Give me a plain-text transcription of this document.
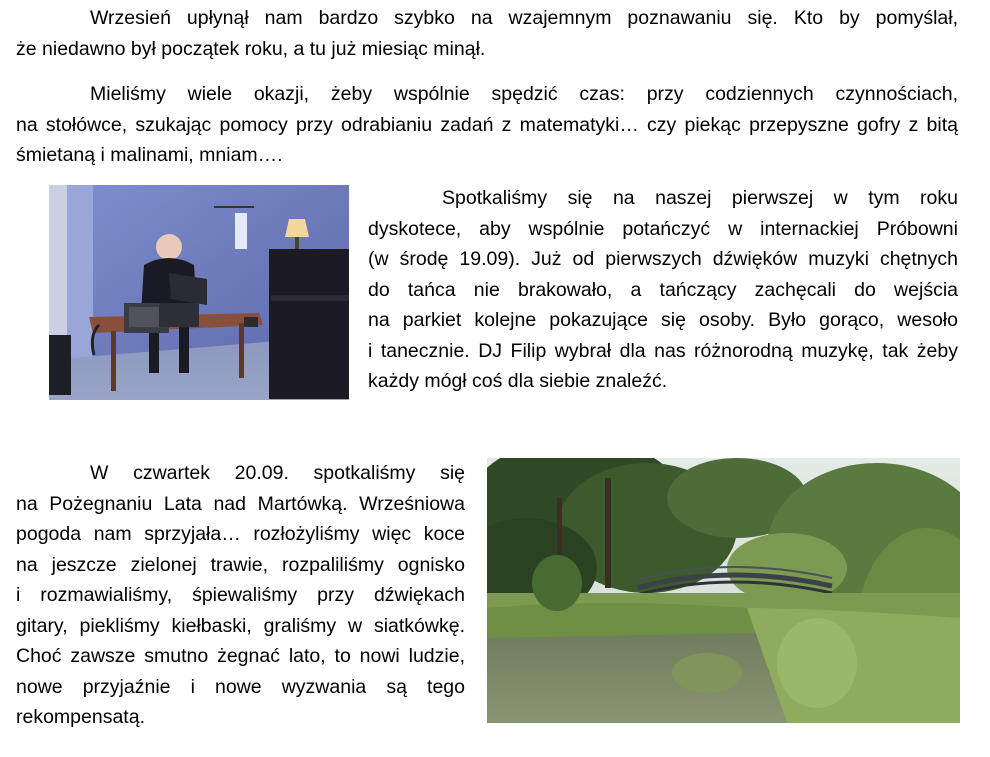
Wrzesień upłynął nam bardzo szybko na wzajemnym poznawaniu się. Kto by pomyślał,
że niedawno był początek roku, a tu już miesiąc minął.
Mieliśmy wiele okazji, żeby wspólnie spędzić czas: przy codziennych czynnościach,
na stołówce, szukając pomocy przy odrabianiu zadań z matematyki… czy piekąc przepyszne gofry z bitą
śmietaną i malinami, mniam….
Spotkaliśmy się na naszej pierwszej w tym roku
dyskotece, aby wspólnie potańczyć w internackiej Próbowni
(w środę 19.09). Już od pierwszych dźwięków muzyki chętnych
do tańca nie brakowało, a tańczący zachęcali do wejścia
na parkiet kolejne pokazujące się osoby. Było gorąco, wesoło
i tanecznie. DJ Filip wybrał dla nas różnorodną muzykę, tak żeby
każdy mógł coś dla siebie znaleźć.
W czwartek 20.09. spotkaliśmy się
na Pożegnaniu Lata nad Martówką. Wrześniowa
pogoda nam sprzyjała… rozłożyliśmy więc koce
na jeszcze zielonej trawie, rozpaliliśmy ognisko
i rozmawialiśmy, śpiewaliśmy przy dźwiękach
gitary, piekliśmy kiełbaski, graliśmy w siatkówkę.
Choć zawsze smutno żegnać lato, to nowi ludzie,
nowe przyjaźnie i nowe wyzwania są tego
rekompensatą.
